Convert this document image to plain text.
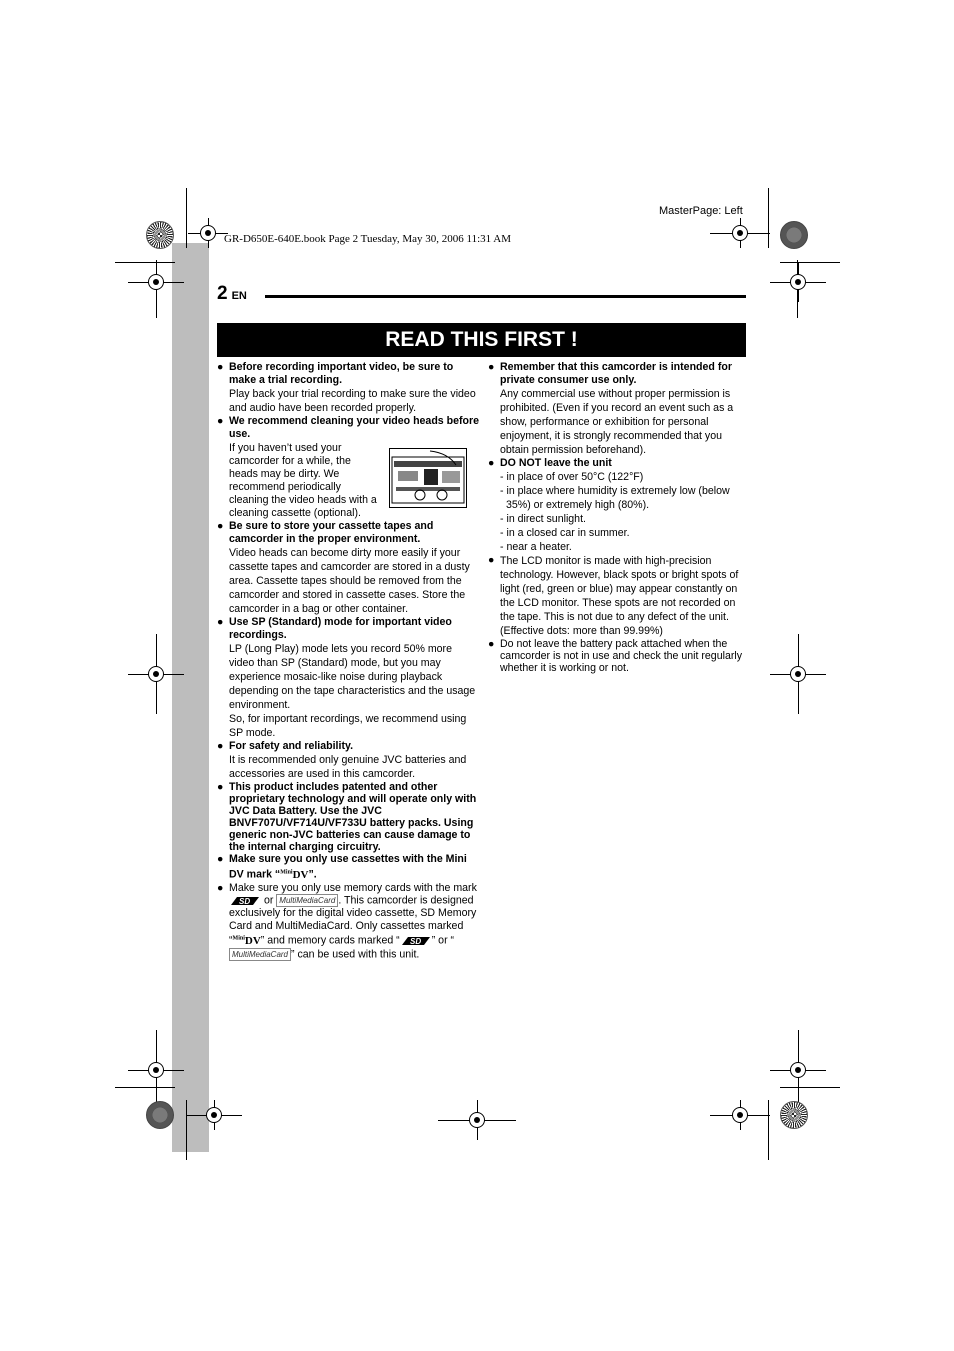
GR-D650E-640E.book Page 2 Tuesday, May 30, 2006 11:31 AM
MasterPage: Left
2 EN
READ THIS FIRST !
● Before recording important video, be sure to make a trial recording.
Play back your trial recording to make sure the video and audio have been recorded properly.
● We recommend cleaning your video heads before use.
If you haven’t used your camcorder for a while, the heads may be dirty. We recommend periodically cleaning the video heads with a cleaning cassette (optional).
● Be sure to store your cassette tapes and camcorder in the proper environment.
Video heads can become dirty more easily if your cassette tapes and camcorder are stored in a dusty area. Cassette tapes should be removed from the camcorder and stored in cassette cases. Store the camcorder in a bag or other container.
● Use SP (Standard) mode for important video recordings.
LP (Long Play) mode lets you record 50% more video than SP (Standard) mode, but you may experience mosaic-like noise during playback depending on the tape characteristics and the usage environment.
So, for important recordings, we recommend using SP mode.
● For safety and reliability.
It is recommended only genuine JVC batteries and accessories are used in this camcorder.
● This product includes patented and other proprietary technology and will operate only with JVC Data Battery. Use the JVC BNVF707U/VF714U/VF733U battery packs. Using generic non-JVC batteries can cause damage to the internal charging circuitry.
● Make sure you only use cassettes with the Mini DV mark “$^{Mini}$DV”.
● Make sure you only use memory cards with the mark
SD or MultiMediaCard . This camcorder is designed exclusively for the digital video cassette, SD Memory Card and MultiMediaCard. Only cassettes marked “$^{Mini}$DV” and memory cards marked “ SD ” or “MultiMediaCard ” can be used with this unit.
● Remember that this camcorder is intended for private consumer use only.
Any commercial use without proper permission is prohibited. (Even if you record an event such as a show, performance or exhibition for personal enjoyment, it is strongly recommended that you obtain permission beforehand).
● DO NOT leave the unit
- in place of over 50°C (122°F)
- in place where humidity is extremely low (below 35%) or extremely high (80%).
- in direct sunlight.
- in a closed car in summer.
- near a heater.
● The LCD monitor is made with high-precision technology. However, black spots or bright spots of light (red, green or blue) may appear constantly on the LCD monitor. These spots are not recorded on the tape. This is not due to any defect of the unit. (Effective dots: more than 99.99%)
● Do not leave the battery pack attached when the camcorder is not in use and check the unit regularly whether it is working or not.
